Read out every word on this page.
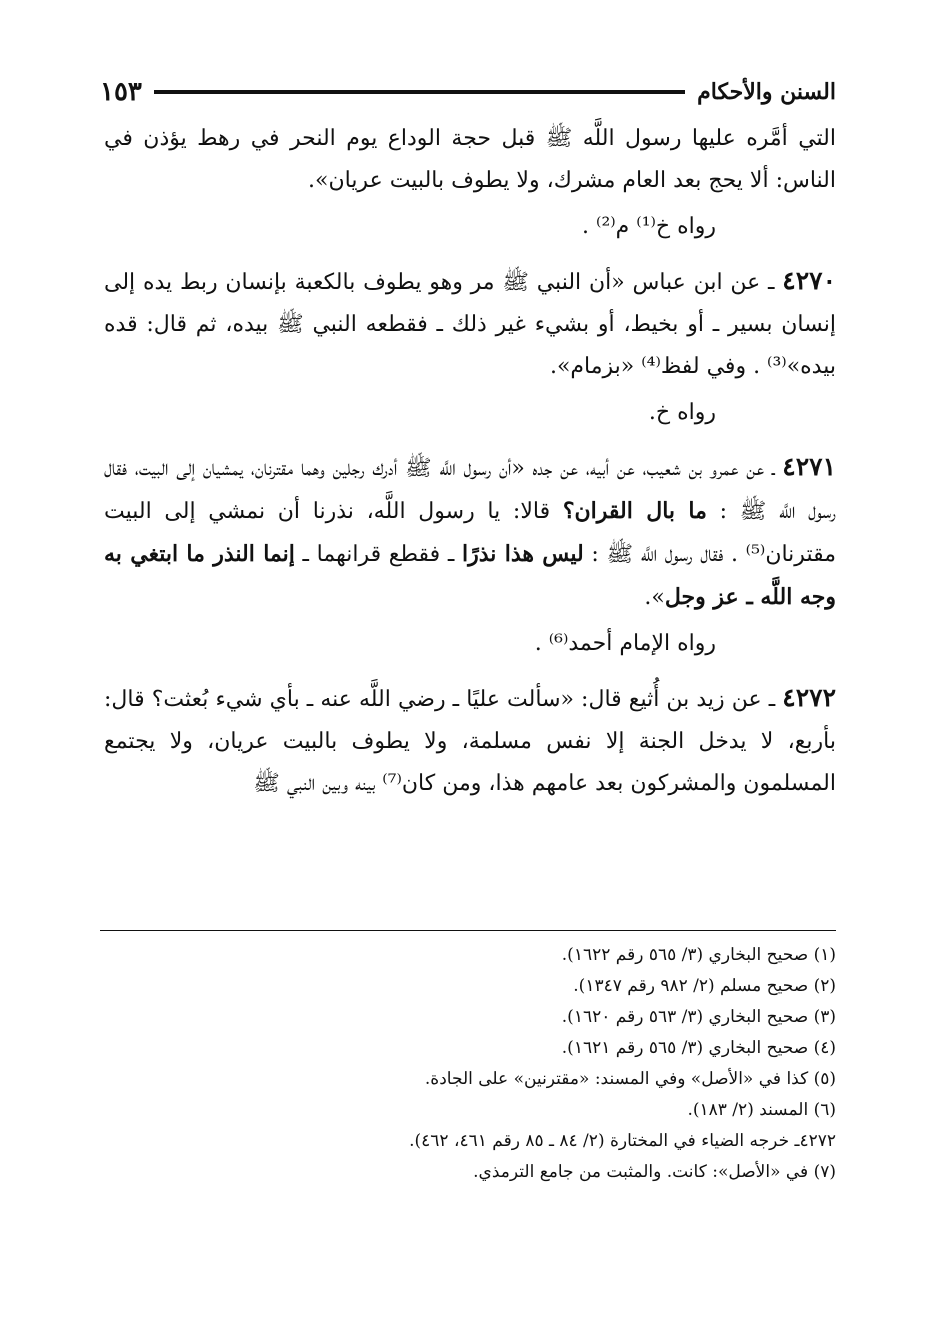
السنن والأحكام
١٥٣

التي أمَّره عليها رسول اللَّه ﷺ قبل حجة الوداع يوم النحر في رهط يؤذن في الناس: ألا يحج بعد العام مشرك، ولا يطوف بالبيت عريان».

رواه خ⁽¹⁾ م⁽²⁾ .

٤٢٧٠ ـ عن ابن عباس «أن النبي ﷺ مر وهو يطوف بالكعبة بإنسان ربط يده إلى إنسان بسير ـ أو بخيط، أو بشيء غير ذلك ـ فقطعه النبي ﷺ بيده، ثم قال: قده بيده»⁽³⁾ . وفي لفظ⁽⁴⁾ «بزمام».

رواه خ.

٤٢٧١ ـ عن عمرو بن شعيب، عن أبيه، عن جده «أن رسول اللَّه ﷺ أدرك رجلين وهما مقترنان، يمشيان إلى البيت، فقال رسول اللَّه ﷺ : ما بال القران؟ قالا: يا رسول اللَّه، نذرنا أن نمشي إلى البيت مقترنان⁽⁵⁾ . فقال رسول اللَّه ﷺ : ليس هذا نذرًا ـ فقطع قرانهما ـ إنما النذر ما ابتغي به وجه اللَّه ـ عز وجل».

رواه الإمام أحمد⁽⁶⁾ .

٤٢٧٢ ـ عن زيد بن أُثيع قال: «سألت عليًا ـ رضي اللَّه عنه ـ بأي شيء بُعثت؟ قال: بأربع، لا يدخل الجنة إلا نفس مسلمة، ولا يطوف بالبيت عريان، ولا يجتمع المسلمون والمشركون بعد عامهم هذا، ومن كان⁽⁷⁾ بينه وبين النبي ﷺ

(١) صحيح البخاري (٣/ ٥٦٥ رقم ١٦٢٢).
(٢) صحيح مسلم (٢/ ٩٨٢ رقم ١٣٤٧).
(٣) صحيح البخاري (٣/ ٥٦٣ رقم ١٦٢٠).
(٤) صحيح البخاري (٣/ ٥٦٥ رقم ١٦٢١).
(٥) كذا في «الأصل» وفي المسند: «مقترنين» على الجادة.
(٦) المسند (٢/ ١٨٣).
٤٢٧٢ـ خرجه الضياء في المختارة (٢/ ٨٤ ـ ٨٥ رقم ٤٦١، ٤٦٢).
(٧) في «الأصل»: كانت. والمثبت من جامع الترمذي.
